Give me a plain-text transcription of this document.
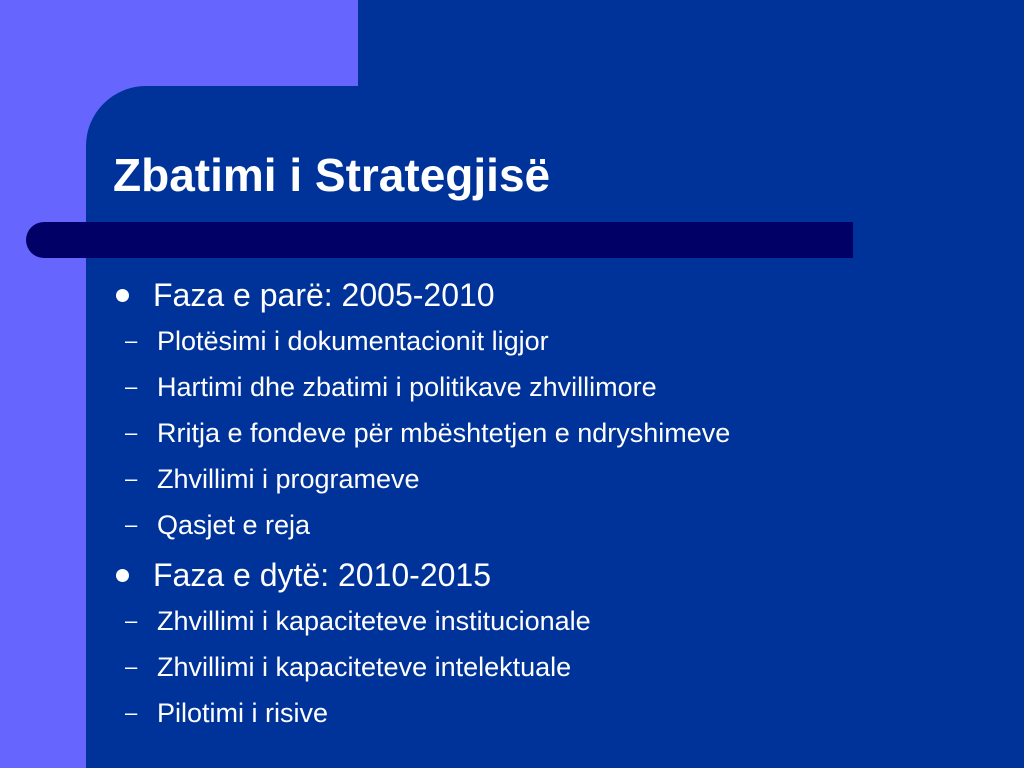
Zbatimi i Strategjisë
Faza e parë: 2005-2010
– Plotësimi i dokumentacionit ligjor
– Hartimi dhe zbatimi i politikave zhvillimore
– Rritja e fondeve për mbështetjen e ndryshimeve
– Zhvillimi i programeve
– Qasjet e reja
Faza e dytë: 2010-2015
– Zhvillimi i kapaciteteve institucionale
– Zhvillimi i kapaciteteve intelektuale
– Pilotimi i risive
